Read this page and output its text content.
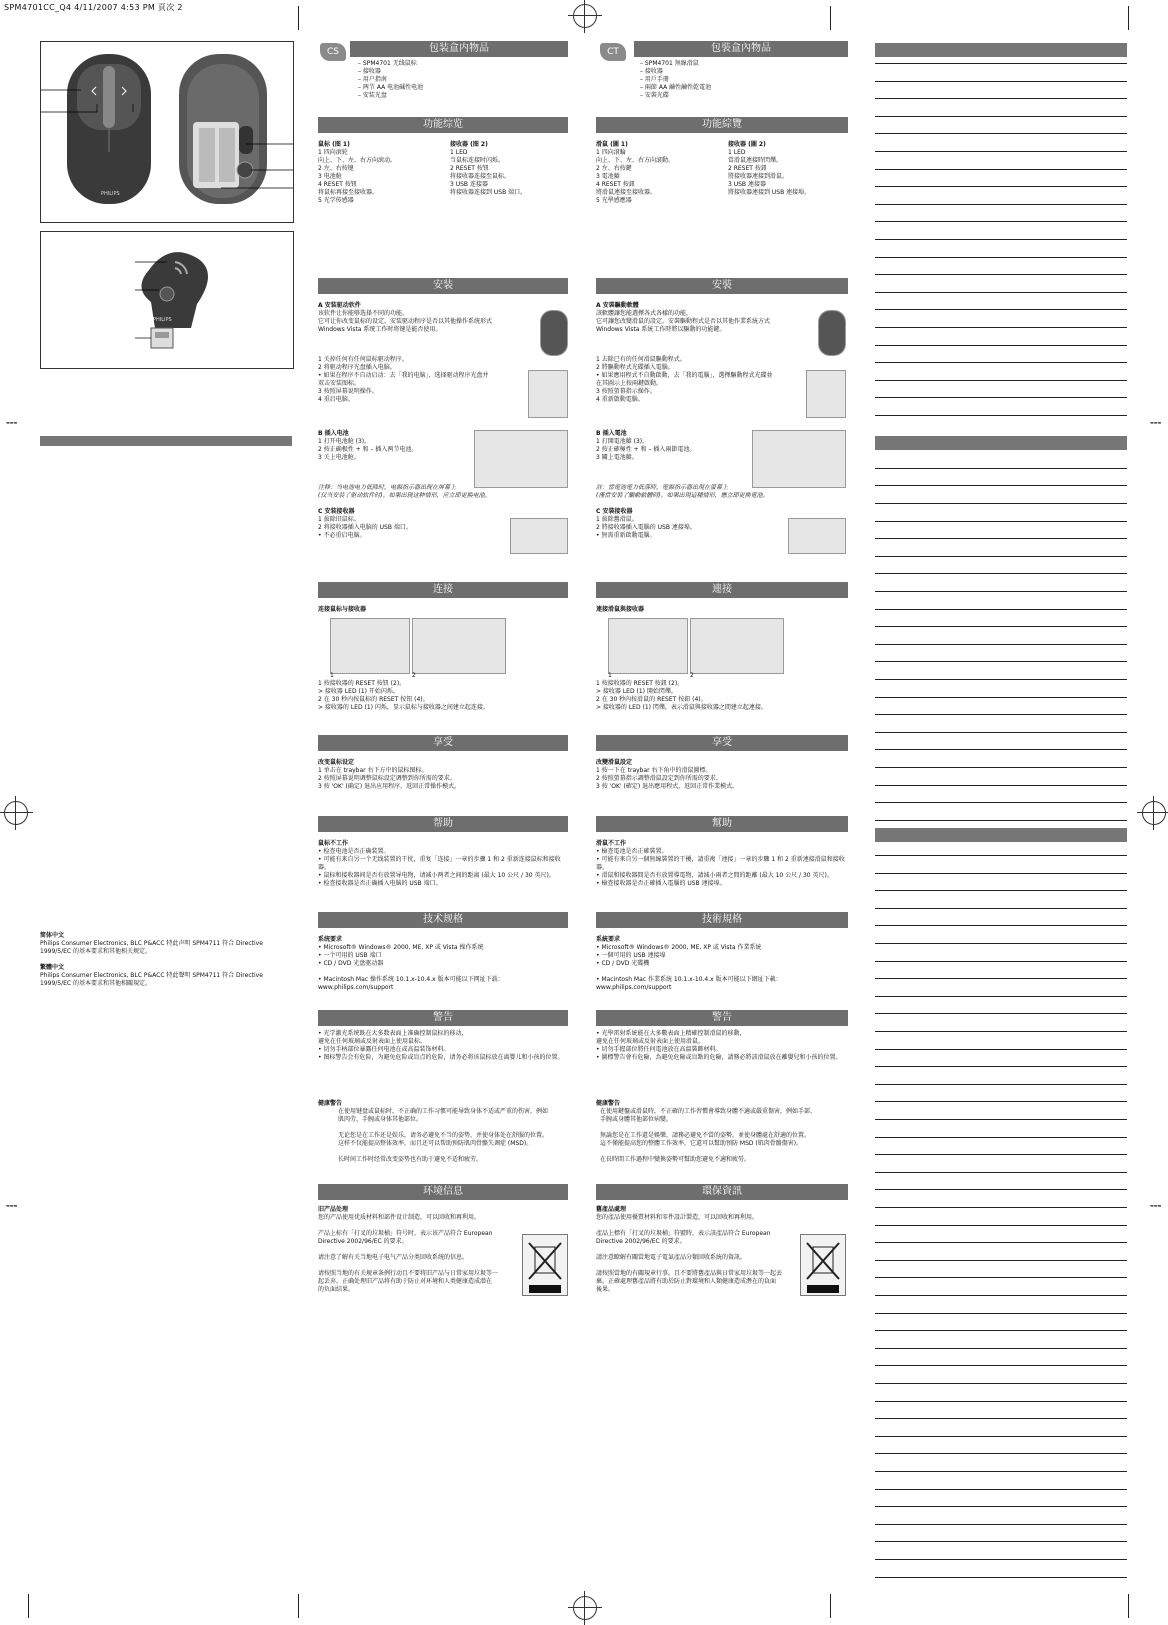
SPM4701CC_Q4 4/11/2007 4:53 PM 頁次 2
▬▬▬
▬▬▬
▬▬▬
▬▬▬
PHILIPS
PHILIPS
简体中文
Philips Consumer Electronics, BLC P&ACC 特此声明 SPM4711 符合 Directive
1999/5/EC 的基本要求和其他相关规定。
繁體中文
Philips Consumer Electronics, BLC P&ACC 特此聲明 SPM4711 符合 Directive
1999/5/EC 的基本要求和其他相關規定。
CS	包装盒内物品
– SPM4701 无线鼠标
– 接收器
– 用户指南
– 两节 AA 电池碱性电池
– 安装光盘
功能综览
鼠标 (图 1)
1 四向滚轮
向上、下、左、右方向滚动。
2 左、右按键
3 电池舱
4 RESET 按钮
将鼠标再接至接收器。
5 光学传感器
接收器 (图 2)
1 LED
当鼠标连接时闪烁。
2 RESET 按钮
将接收器连接至鼠标。
3 USB 连接器
将接收器连接到 USB 端口。
安装
A 安装驱动软件
该软件让你能够选择不同的功能，
它可让你改变鼠标的设定。安装驱动程序是否以其他操作系统形式
Windows Vista 系统工作时将键是能否使用。
1 关掉任何有任何鼠标驱动程序。
2 将驱动程序光盘插入电脑。
• 如果在程序不自动启动：去「我的电脑」，选择驱动程序光盘并
双击安装图标。
3 按照屏幕说明操作。
4 重启电脑。
B 插入电池
1 打开电池舱 (3)。
2 按正确极性 + 和 – 插入两节电池。
3 关上电池舱。
注释：当电池电力低降时，电源指示器出现在屏幕上
(仅当安装了驱动软件时)。如果出现这种情形，应立即更换电池。
C 安装接收器
1 拔除旧鼠标。
2 将接收器插入电脑的 USB 端口。
• 不必重启电脑。
连接
连接鼠标与接收器
1	2
1 按接收器的 RESET 按钮 (2)。
> 接收器 LED (1) 开始闪烁。
2 在 30 秒内按鼠标的 RESET 按钮 (4)。
> 接收器的 LED (1) 闪烁，显示鼠标与接收器之间建立起连接。
享受
改变鼠标设定
1 单击在 traybar 右下方中的鼠标图标。
2 按照屏幕说明调整鼠标设定调整到你所需的要求。
3 按 'OK' (确定) 退出应用程序，返回正常操作模式。
帮助
鼠标不工作
• 检查电池是否正确装置。
• 可能有来自另一个无线装置的干扰，重复「连接」一章的步骤 1 和 2 重新连接鼠标和接收
器。
• 鼠标和接收器间是否有放置导电物，请减小两者之间的距离 (最大 10 公尺 / 30 英尺)。
• 检查接收器是否正确插入电脑的 USB 端口。
技术规格
系统要求
• Microsoft® Windows® 2000, ME, XP 或 Vista 操作系统
• 一个可用的 USB 端口
• CD / DVD 光盘驱动器

• Macintosh Mac 操作系统 10.1.x-10.4.x 版本可能以下网址下载：
www.philips.com/support
警告
• 光学激光系统既在大多数表面上准确控制鼠标的移动，
避免在任何玻璃或反射表面上使用鼠标。
• 切勿手柄部位暴露任何电池在或高温装饰材料。
• 图标警告会有危险，为避免危险或盲点的危险，请务必将该鼠标放在离婴儿和小孩的位置。
健康警告
在使用键盘或鼠标时，不正确的工作习惯可能导致身体不适或严重的伤害，例如
肌肉劳、手腕或身体其他部位。

无论您是在工作还是娱乐，请务必避免不当的姿势，并使身体处在舒服的位置。
这样不仅能提高整体效率，而且还可以帮助预防肌肉骨骼失调症 (MSD)。

长时间工作时经常改变姿势也有助于避免不适和疲劳。
环境信息
旧产品处理
您的产品使用优质材料和部件设计制造，可以回收和再利用。

产品上标有「打叉的垃圾桶」符号时，表示该产品符合 European
Directive 2002/96/EC 的要求。

请注意了解有关当地电子电气产品分类回收系统的信息。

请按照当地的有关规章条例行动且不要将旧产品与日常家用垃圾等一
起丢弃。正确处理旧产品将有助于防止对环境和人类健康造成潜在
的负面结果。
CT	包裝盒內物品
– SPM4701 無線滑鼠
– 接收器
– 用戶手冊
– 兩節 AA 鹼性鹼性乾電池
– 安裝光碟
功能綜覽
滑鼠 (圖 1)
1 四向滾輪
向上、下、左、右方向滾動。
2 左、右按鍵
3 電池艙
4 RESET 按鈕
將滑鼠連接至接收器。
5 光學感應器
接收器 (圖 2)
1 LED
當滑鼠連接時閃爍。
2 RESET 按鈕
將接收器連接到滑鼠。
3 USB 連接器
將接收器連接到 USB 連接埠。
安裝
A 安裝驅動軟體
該軟體讓您能選擇各式各樣的功能，
它可讓您改變滑鼠的設定。安裝驅動程式是否以其他作業系統方式
Windows Vista 系統工作時將以驅動的功能鍵。
1 去除已有的任何滑鼠驅動程式。
2 將驅動程式光碟插入電腦。
• 如果應用程式不自動啟動，去「我的電腦」，選擇驅動程式光碟並
在其圖示上按兩鍵啟動。
3 按照螢幕指示操作。
4 重新啟動電腦。
B 插入電池
1 打開電池艙 (3)。
2 按正確極性 + 和 – 插入兩節電池。
3 關上電池艙。
註：當電池電力低落時，電源指示器出現在螢幕上
(僅當安裝了驅動軟體時)。如果出現這種情形，應立即更換電池。
C 安裝接收器
1 拔除舊滑鼠。
2 將接收器插入電腦的 USB 連接埠。
• 無需重新啟動電腦。
連接
連接滑鼠與接收器
1	2
1 按接收器的 RESET 按鈕 (2)。
> 接收器 LED (1) 開始閃爍。
2 在 30 秒內按滑鼠的 RESET 按鈕 (4)。
> 接收器的 LED (1) 閃爍，表示滑鼠與接收器之間建立起連接。
享受
改變滑鼠設定
1 按一下在 traybar 右下角中的滑鼠圖標。
2 按照螢幕指示調整滑鼠設定到你所需的要求。
3 按 'OK' (確定) 退出應用程式，返回正常作業模式。
幫助
滑鼠不工作
• 檢查電池是否正確裝置。
• 可能有來自另一個無線裝置的干擾，請重複「連接」一章的步驟 1 和 2 重新連接滑鼠和接收
器。
• 滑鼠和接收器間是否有放置導電物，請減小兩者之間的距離 (最大 10 公尺 / 30 英尺)。
• 檢查接收器是否正確插入電腦的 USB 連接埠。
技術規格
系統要求
• Microsoft® Windows® 2000, ME, XP 或 Vista 作業系統
• 一個可用的 USB 連接埠
• CD / DVD 光碟機

• Macintosh Mac 作業系統 10.1.x-10.4.x 版本可能以下網址下載：
www.philips.com/support
警告
• 光學雷射系統能在大多數表面上精確控制滑鼠的移動，
避免在任何玻璃或反射表面上使用滑鼠。
• 切勿手握部位將任何電池放在高溫裝飾材料。
• 圖標警告會有危險，為避免危險或盲點的危險，請務必將該滑鼠放在離嬰兒和小孩的位置。
健康警告
在使用鍵盤或滑鼠時，不正確的工作習慣會導致身體不適或嚴重傷害，例如手部、
手腕或身體其他部位病變。

無論您是在工作還是娛樂，請務必避免不當的姿勢，並使身體處在舒適的位置。
這不僅能提高您的整體工作效率，它還可以幫助預防 MSD (肌肉骨骼傷害)。

在長時間工作過程中變換姿勢可幫助您避免不適和疲勞。
環保資訊
舊產品處理
您的產品使用優質材料和零件設計製造，可以回收和再利用。

產品上標有「打叉的垃圾桶」符號時，表示該產品符合 European
Directive 2002/96/EC 的要求。

請注意瞭解有關當地電子電氣產品分類回收系統的資訊。

請按照當地的有關規章行事，且不要將舊產品與日常家用垃圾等一起丟
棄。正確處理舊產品將有助於防止對環境和人類健康造成潛在的負面
後果。
